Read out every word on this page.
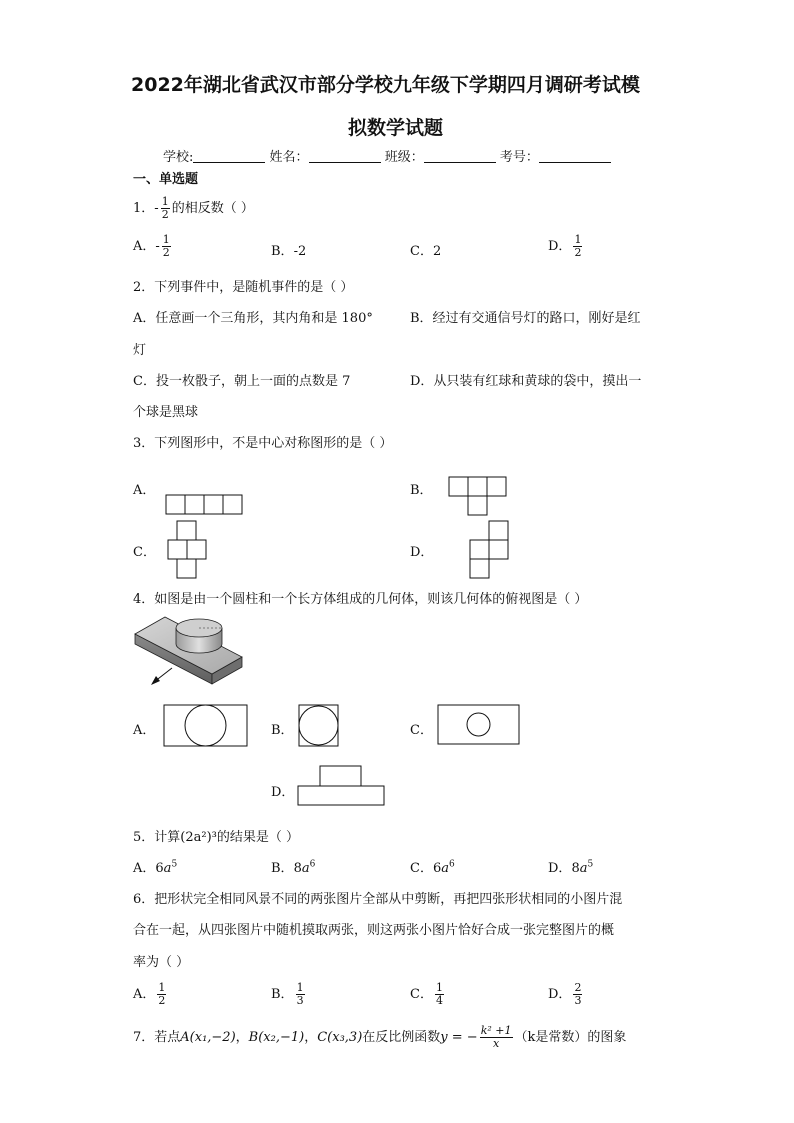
2022年湖北省武汉市部分学校九年级下学期四月调研考试模
拟数学试题
学校:	姓名：	班级：	考号：
一、单选题
1．- $\frac{1}{2}$ 的相反数（ ）
A．- $\frac{1}{2}$	B．-2	C．2	D． $\frac{1}{2}$
2．下列事件中，是随机事件的是（ ）
A．任意画一个三角形，其内角和是 180°	B．经过有交通信号灯的路口，刚好是红
灯
C．投一枚骰子，朝上一面的点数是 7	D．从只装有红球和黄球的袋中，摸出一
个球是黑球
3．下列图形中，不是中心对称图形的是（ ）
A．	B．
C．	D．
4．如图是由一个圆柱和一个长方体组成的几何体，则该几何体的俯视图是（ ）
A．	B．	C．
D．
5．计算(2a²)³的结果是（ ）
A．$6a^5$	B．$8a^6$	C．$6a^6$	D．$8a^5$
6．把形状完全相同风景不同的两张图片全部从中剪断，再把四张形状相同的小图片混
合在一起，从四张图片中随机摸取两张，则这两张小图片恰好合成一张完整图片的概
率为（ ）
A． $\frac{1}{2}$	B． $\frac{1}{3}$	C． $\frac{1}{4}$	D． $\frac{2}{3}$
7．若点A(x₁,−2)，B(x₂,−1)，C(x₃,3)在反比例函数y = − $\frac{\text{k² +1}}{x} (k$是常数）的图象
